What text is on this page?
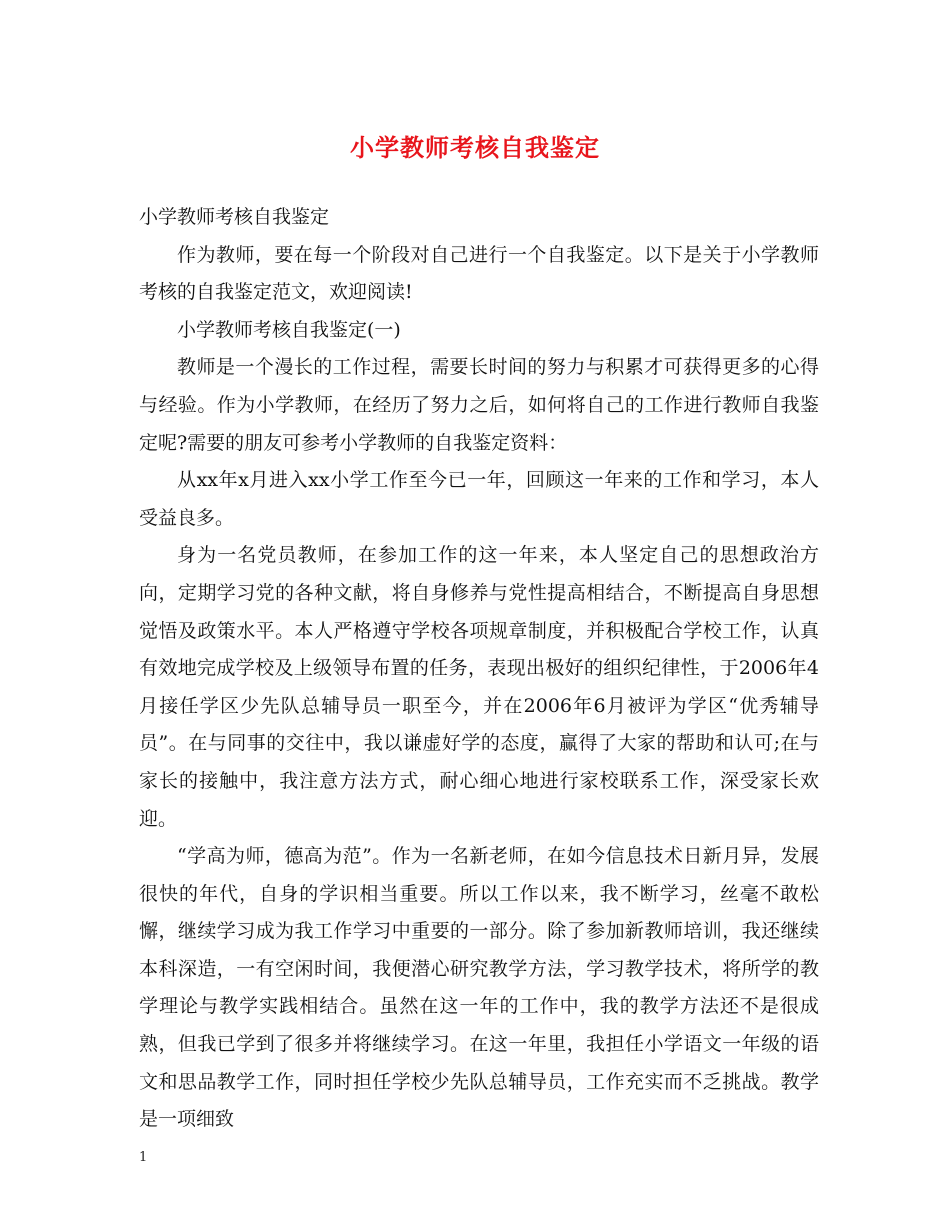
小学教师考核自我鉴定

小学教师考核自我鉴定

作为教师，要在每一个阶段对自己进行一个自我鉴定。以下是关于小学教师考核的自我鉴定范文，欢迎阅读!

小学教师考核自我鉴定(一)

教师是一个漫长的工作过程，需要长时间的努力与积累才可获得更多的心得与经验。作为小学教师，在经历了努力之后，如何将自己的工作进行教师自我鉴定呢?需要的朋友可参考小学教师的自我鉴定资料：

从xx年x月进入xx小学工作至今已一年，回顾这一年来的工作和学习，本人受益良多。

身为一名党员教师，在参加工作的这一年来，本人坚定自己的思想政治方向，定期学习党的各种文献，将自身修养与党性提高相结合，不断提高自身思想觉悟及政策水平。本人严格遵守学校各项规章制度，并积极配合学校工作，认真有效地完成学校及上级领导布置的任务，表现出极好的组织纪律性，于2006年4月接任学区少先队总辅导员一职至今，并在2006年6月被评为学区“优秀辅导员”。在与同事的交往中，我以谦虚好学的态度，赢得了大家的帮助和认可;在与家长的接触中，我注意方法方式，耐心细心地进行家校联系工作，深受家长欢迎。

“学高为师，德高为范”。作为一名新老师，在如今信息技术日新月异，发展很快的年代，自身的学识相当重要。所以工作以来，我不断学习，丝毫不敢松懈，继续学习成为我工作学习中重要的一部分。除了参加新教师培训，我还继续本科深造，一有空闲时间，我便潜心研究教学方法，学习教学技术，将所学的教学理论与教学实践相结合。虽然在这一年的工作中，我的教学方法还不是很成熟，但我已学到了很多并将继续学习。在这一年里，我担任小学语文一年级的语文和思品教学工作，同时担任学校少先队总辅导员，工作充实而不乏挑战。教学是一项细致

1
